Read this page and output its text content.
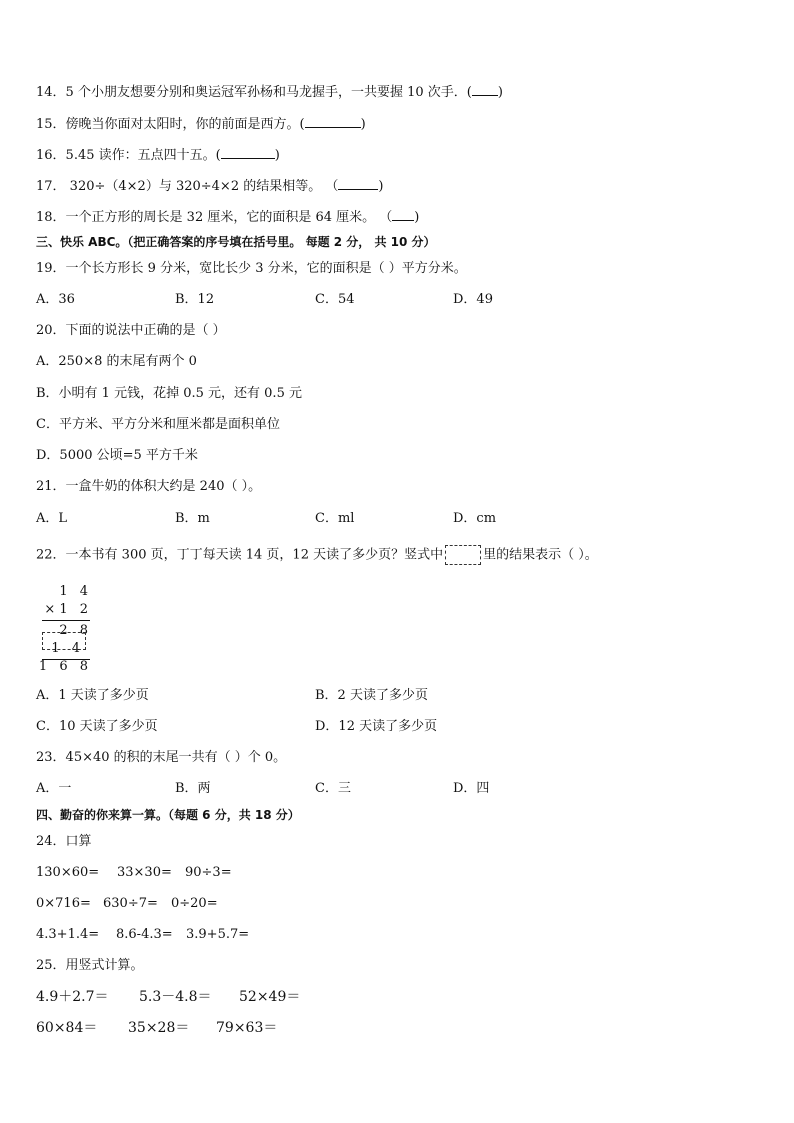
14．5 个小朋友想要分别和奥运冠军孙杨和马龙握手，一共要握 10 次手．( )
15．傍晚当你面对太阳时，你的前面是西方。(	)
16．5.45 读作：五点四十五。(	)
17． 320÷（4×2）与 320÷4×2 的结果相等。 （	)
18．一个正方形的周长是 32 厘米，它的面积是 64 厘米。 （ )
三、快乐 ABC。（把正确答案的序号填在括号里。 每题 2 分， 共 10 分）
19．一个长方形长 9 分米，宽比长少 3 分米，它的面积是（ ）平方分米。
A．36	B．12	C．54	D．49
20．下面的说法中正确的是（ ）
A．250×8 的末尾有两个 0
B．小明有 1 元钱，花掉 0.5 元，还有 0.5 元
C．平方米、平方分米和厘米都是面积单位
D．5000 公顷=5 平方千米
21．一盒牛奶的体积大约是 240（ ）。
A．L	B．m	C．ml	D．cm
22．一本书有 300 页，丁丁每天读 14 页，12 天读了多少页？竖式中	里的结果表示（ ）。
1 4
×1 2
2 8
1 4
1 6 8
A．1 天读了多少页	B．2 天读了多少页
C．10 天读了多少页	D．12 天读了多少页
23．45×40 的积的末尾一共有（ ）个 0。
A．一	B．两	C．三	D．四
四、勤奋的你来算一算。（每题 6 分，共 18 分）
24．口算
130×60= 33×30= 90÷3=
0×716= 630÷7= 0÷20=
4.3+1.4= 8.6-4.3= 3.9+5.7=
25．用竖式计算。
4.9＋2.7＝ 5.3－4.8＝ 52×49＝
60×84＝ 35×28＝ 79×63＝
